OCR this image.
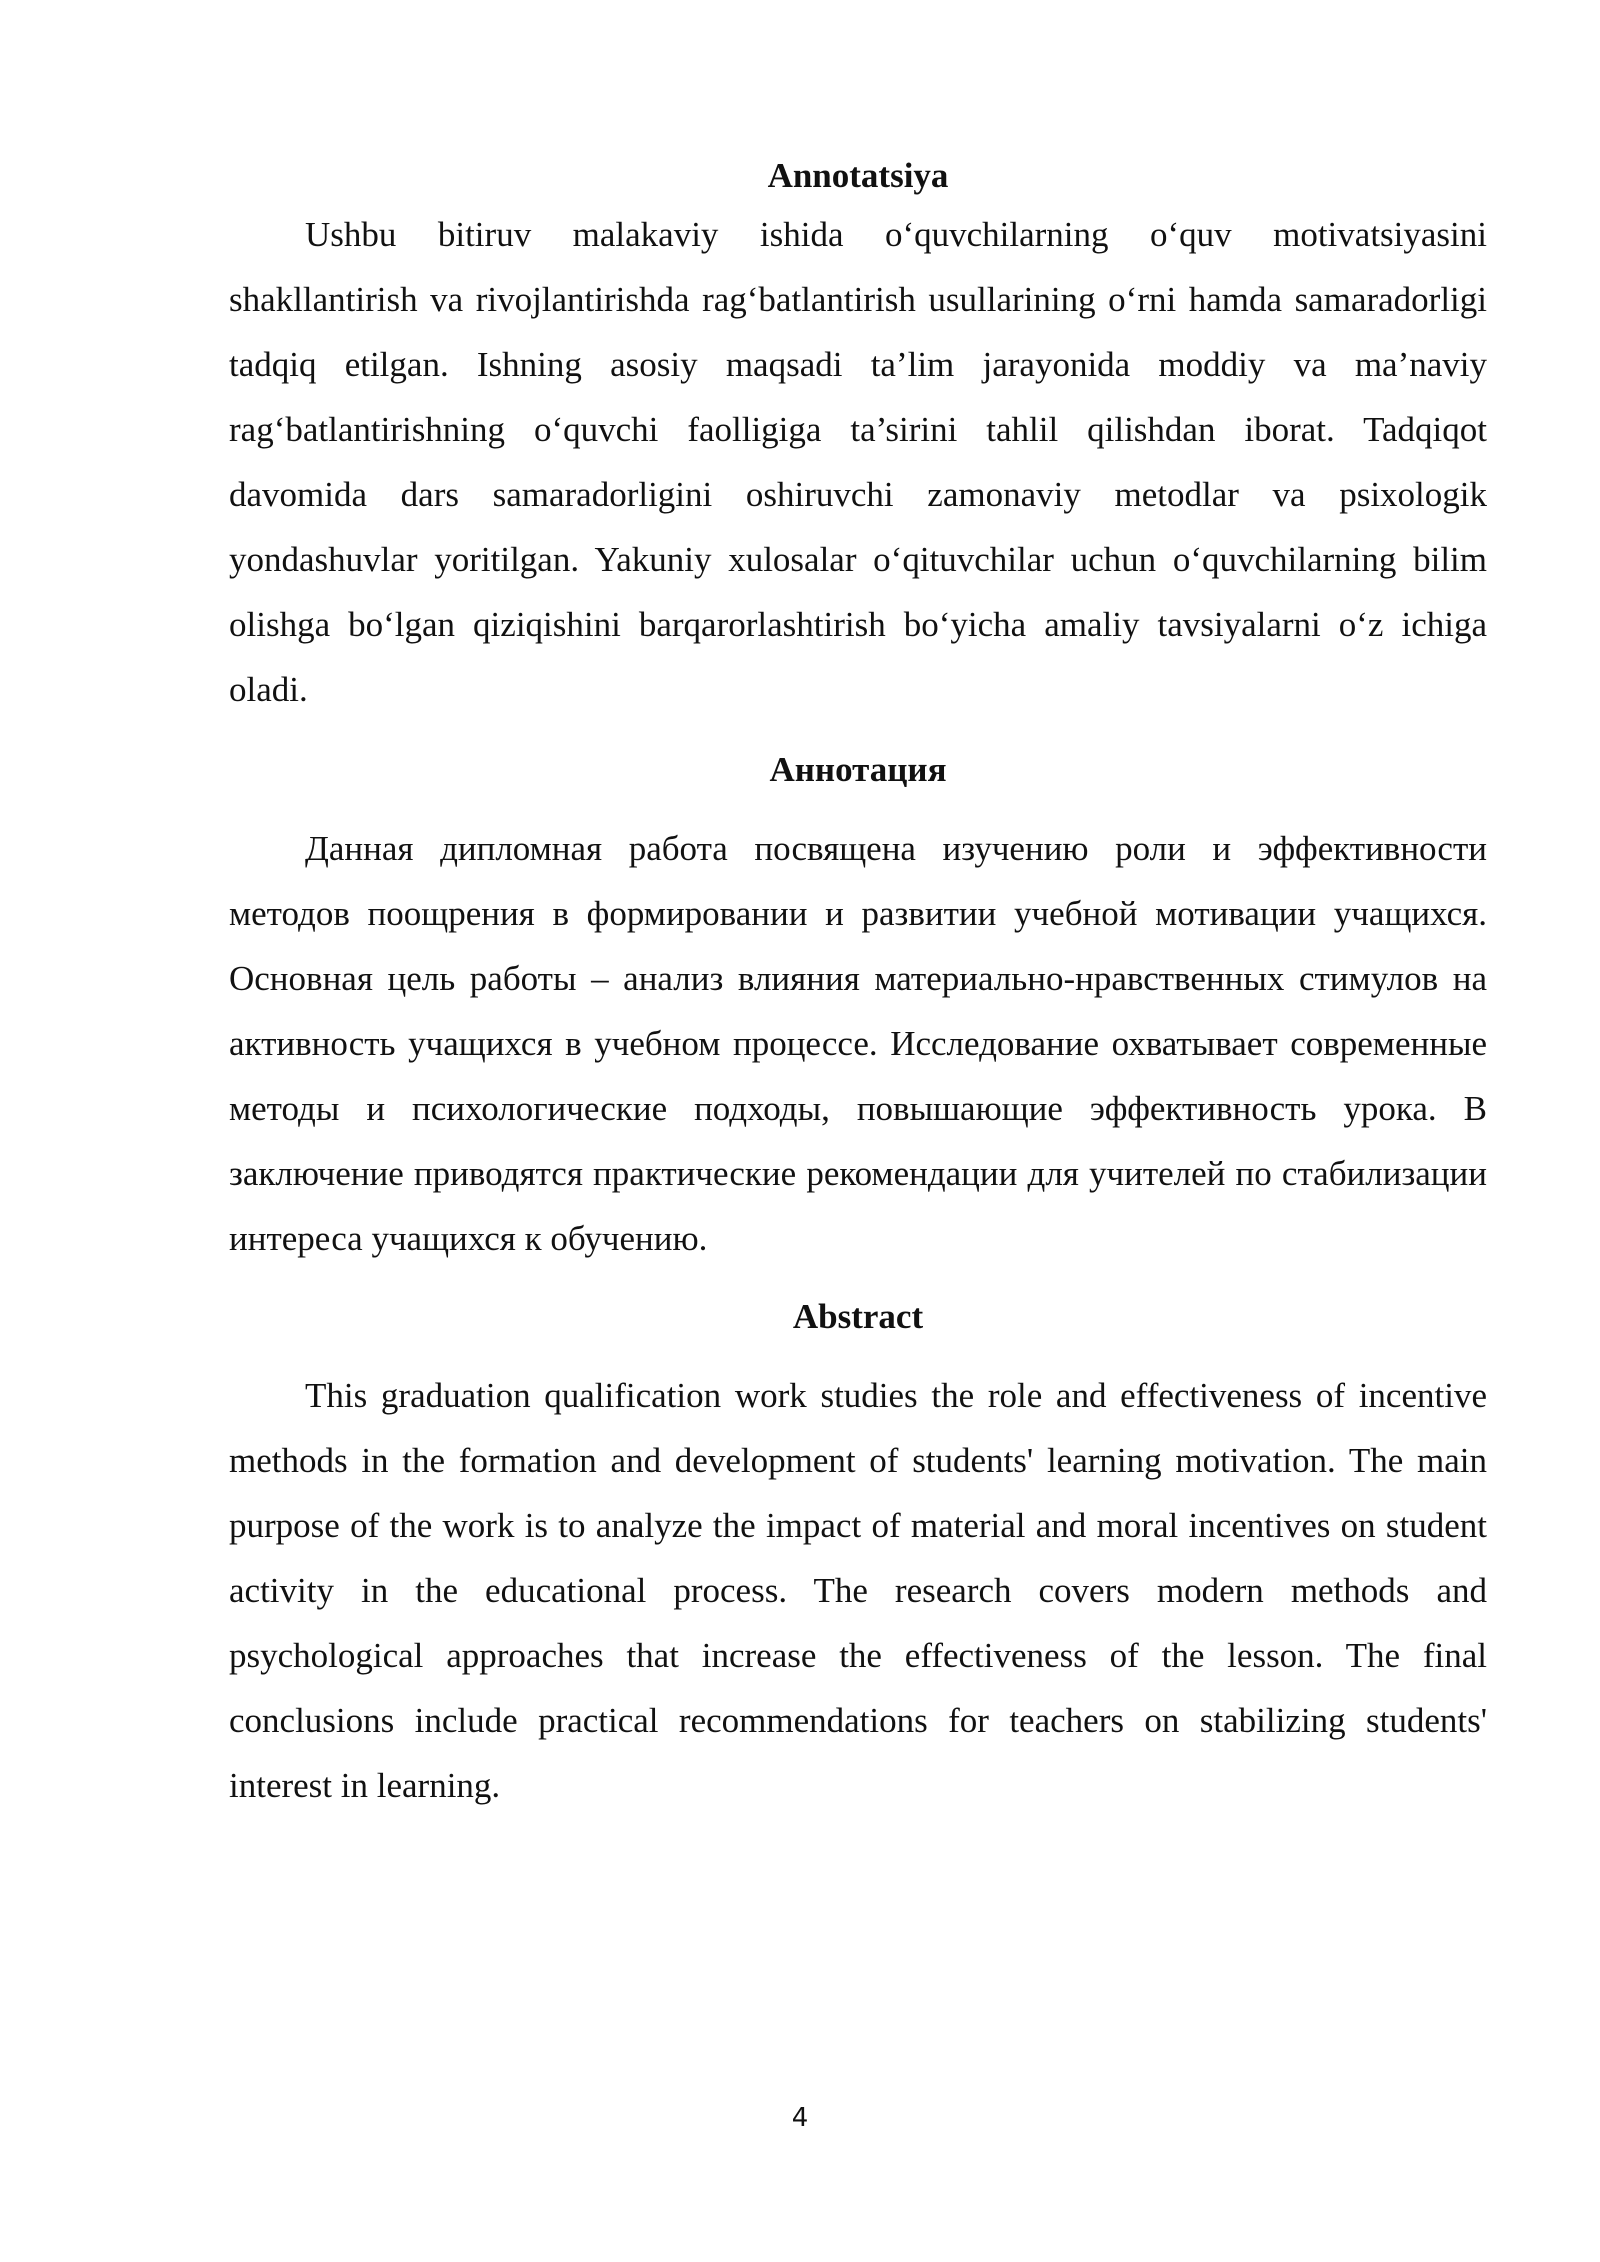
Annotatsiya

Ushbu bitiruv malakaviy ishida o‘quvchilarning o‘quv motivatsiyasini shakllantirish va rivojlantirishda rag‘batlantirish usullarining o‘rni hamda samaradorligi tadqiq etilgan. Ishning asosiy maqsadi ta’lim jarayonida moddiy va ma’naviy rag‘batlantirishning o‘quvchi faolligiga ta’sirini tahlil qilishdan iborat. Tadqiqot davomida dars samaradorligini oshiruvchi zamonaviy metodlar va psixologik yondashuvlar yoritilgan. Yakuniy xulosalar o‘qituvchilar uchun o‘quvchilarning bilim olishga bo‘lgan qiziqishini barqarorlashtirish bo‘yicha amaliy tavsiyalarni o‘z ichiga oladi.

Аннотация

Данная дипломная работа посвящена изучению роли и эффективности методов поощрения в формировании и развитии учебной мотивации учащихся. Основная цель работы – анализ влияния материально-нравственных стимулов на активность учащихся в учебном процессе. Исследование охватывает современные методы и психологические подходы, повышающие эффективность урока. В заключение приводятся практические рекомендации для учителей по стабилизации интереса учащихся к обучению.

Abstract

This graduation qualification work studies the role and effectiveness of incentive methods in the formation and development of students' learning motivation. The main purpose of the work is to analyze the impact of material and moral incentives on student activity in the educational process. The research covers modern methods and psychological approaches that increase the effectiveness of the lesson. The final conclusions include practical recommendations for teachers on stabilizing students' interest in learning.

4
